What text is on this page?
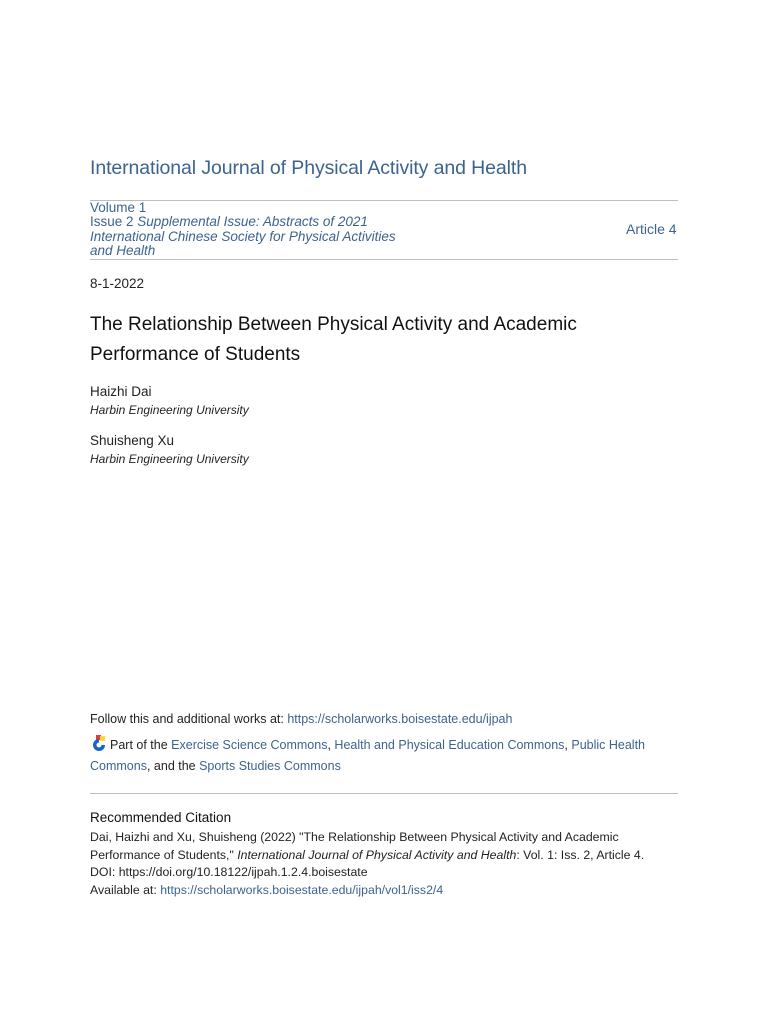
International Journal of Physical Activity and Health
Volume 1
Issue 2 Supplemental Issue: Abstracts of 2021 International Chinese Society for Physical Activities and Health
Article 4
8-1-2022
The Relationship Between Physical Activity and Academic Performance of Students
Haizhi Dai
Harbin Engineering University
Shuisheng Xu
Harbin Engineering University
Follow this and additional works at: https://scholarworks.boisestate.edu/ijpah
Part of the Exercise Science Commons, Health and Physical Education Commons, Public Health Commons, and the Sports Studies Commons
Recommended Citation
Dai, Haizhi and Xu, Shuisheng (2022) "The Relationship Between Physical Activity and Academic Performance of Students," International Journal of Physical Activity and Health: Vol. 1: Iss. 2, Article 4.
DOI: https://doi.org/10.18122/ijpah.1.2.4.boisestate
Available at: https://scholarworks.boisestate.edu/ijpah/vol1/iss2/4
